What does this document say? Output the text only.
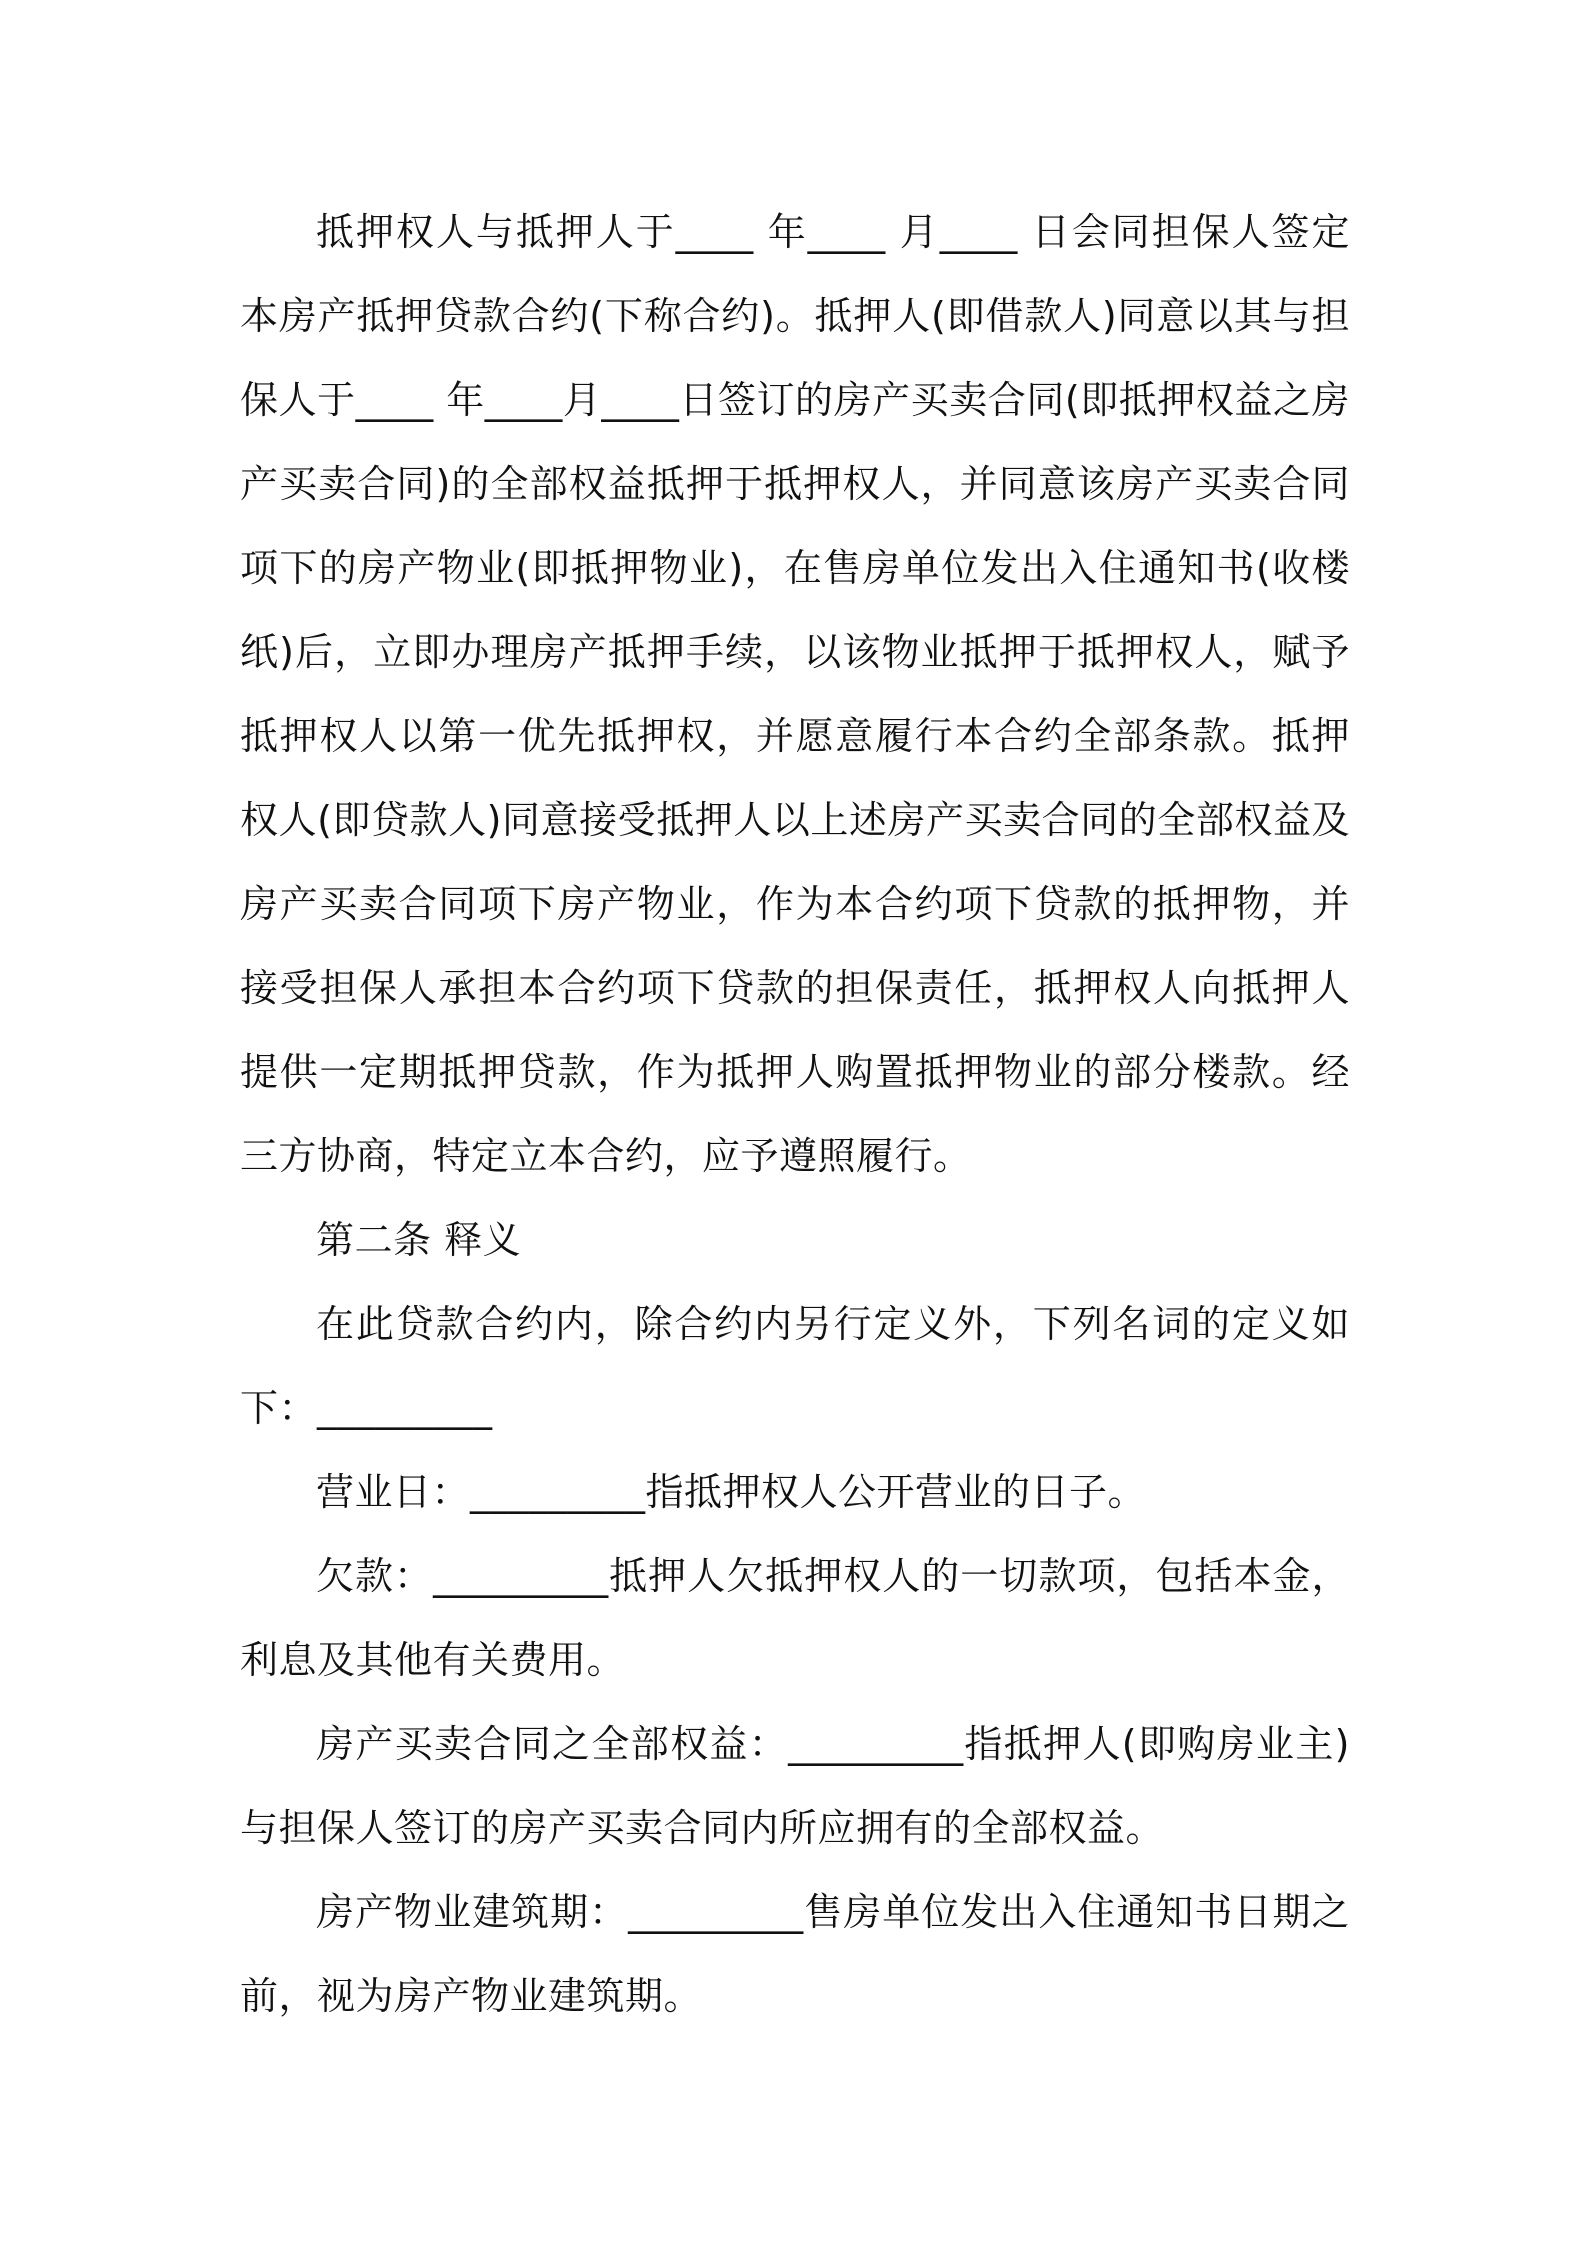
抵押权人与抵押人于____ 年____ 月____ 日会同担保人签定本房产抵押贷款合约(下称合约)。抵押人(即借款人)同意以其与担保人于____ 年____月____日签订的房产买卖合同(即抵押权益之房产买卖合同)的全部权益抵押于抵押权人，并同意该房产买卖合同项下的房产物业(即抵押物业)，在售房单位发出入住通知书(收楼纸)后，立即办理房产抵押手续，以该物业抵押于抵押权人，赋予抵押权人以第一优先抵押权，并愿意履行本合约全部条款。抵押权人(即贷款人)同意接受抵押人以上述房产买卖合同的全部权益及房产买卖合同项下房产物业，作为本合约项下贷款的抵押物，并接受担保人承担本合约项下贷款的担保责任，抵押权人向抵押人提供一定期抵押贷款，作为抵押人购置抵押物业的部分楼款。经三方协商，特定立本合约，应予遵照履行。

第二条 释义

在此贷款合约内，除合约内另行定义外，下列名词的定义如下：_________

营业日：_________指抵押权人公开营业的日子。

欠款：_________抵押人欠抵押权人的一切款项，包括本金，利息及其他有关费用。

房产买卖合同之全部权益：_________指抵押人(即购房业主)与担保人签订的房产买卖合同内所应拥有的全部权益。

房产物业建筑期：_________售房单位发出入住通知书日期之前，视为房产物业建筑期。
